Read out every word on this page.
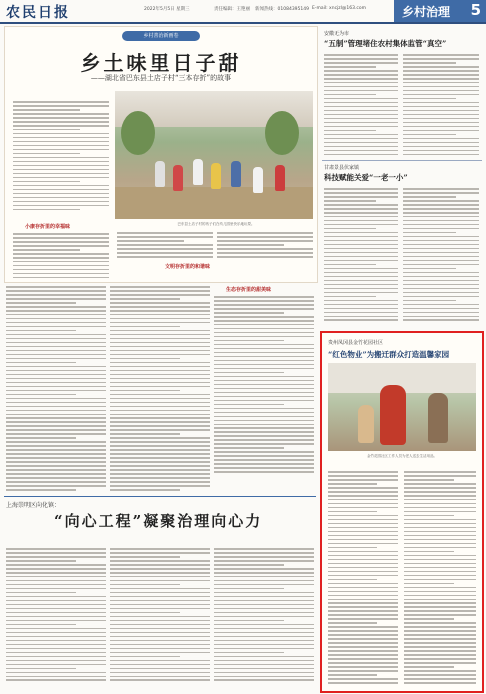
农民日报	责任编辑：王艳丽 新闻热线：01084395149 E-mail: xncjzl@163.com
2022年5月5日 星期三	乡村治理 5
乡村善治新画卷
乡土味里日子甜
——湖北省巴东县土店子村“三本存折”的故事
巴东县土店子村的孩子们在幼儿园里快乐地玩耍。
小康存折里的幸福味
文明存折里的和谐味
生态存折里的甜美味
上海崇明区向化镇：
“向心工程”凝聚治理向心力
安徽无为市
“五制”管理堵住农村集体监管“真空”
甘肃景县伏家镇
科技赋能关爱“一老一小”
贵州凤冈县金竹花园社区
“红色物业”为搬迁群众打造温馨家园
金竹花园社区工作人员为老人送去生活用品。
